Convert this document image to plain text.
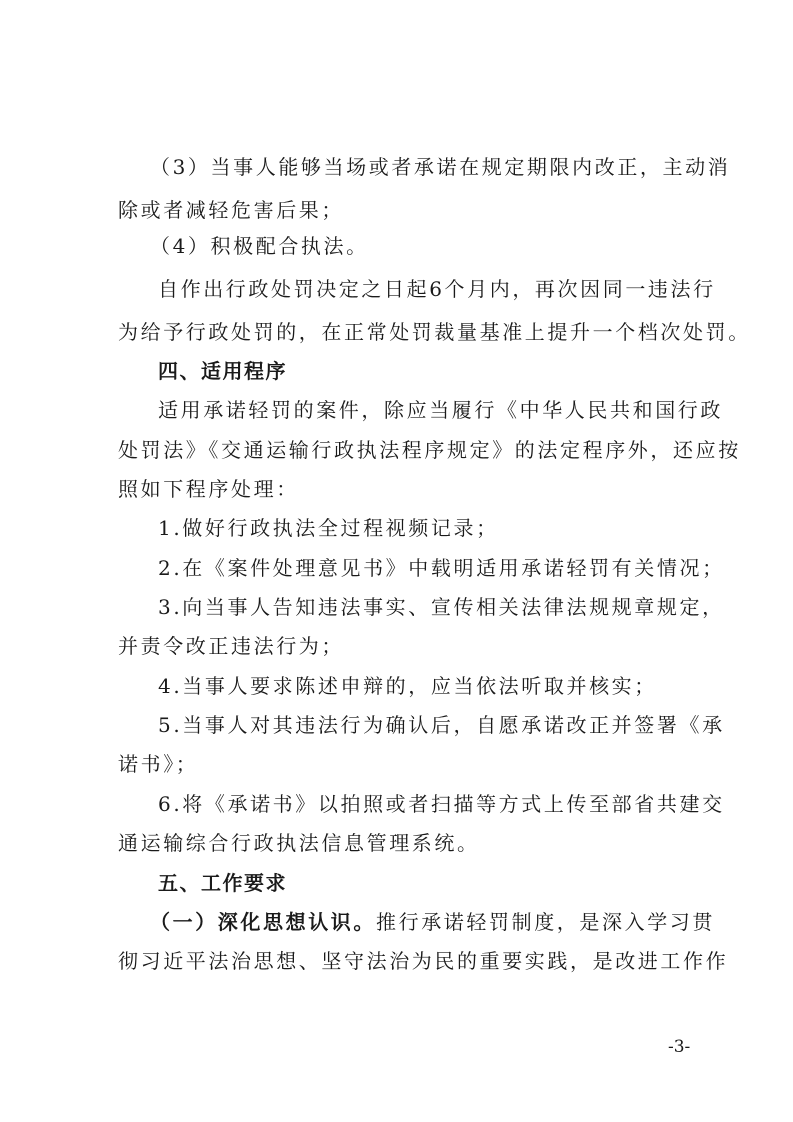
（3）当事人能够当场或者承诺在规定期限内改正，主动消
除或者减轻危害后果；
（4）积极配合执法。
自作出行政处罚决定之日起6个月内，再次因同一违法行
为给予行政处罚的，在正常处罚裁量基准上提升一个档次处罚。
四、适用程序
适用承诺轻罚的案件，除应当履行《中华人民共和国行政
处罚法》《交通运输行政执法程序规定》的法定程序外，还应按
照如下程序处理：
1.做好行政执法全过程视频记录；
2.在《案件处理意见书》中载明适用承诺轻罚有关情况；
3.向当事人告知违法事实、宣传相关法律法规规章规定，
并责令改正违法行为；
4.当事人要求陈述申辩的，应当依法听取并核实；
5.当事人对其违法行为确认后，自愿承诺改正并签署《承
诺书》；
6.将《承诺书》以拍照或者扫描等方式上传至部省共建交
通运输综合行政执法信息管理系统。
五、工作要求
（一）深化思想认识。推行承诺轻罚制度，是深入学习贯
彻习近平法治思想、坚守法治为民的重要实践，是改进工作作
-3-
